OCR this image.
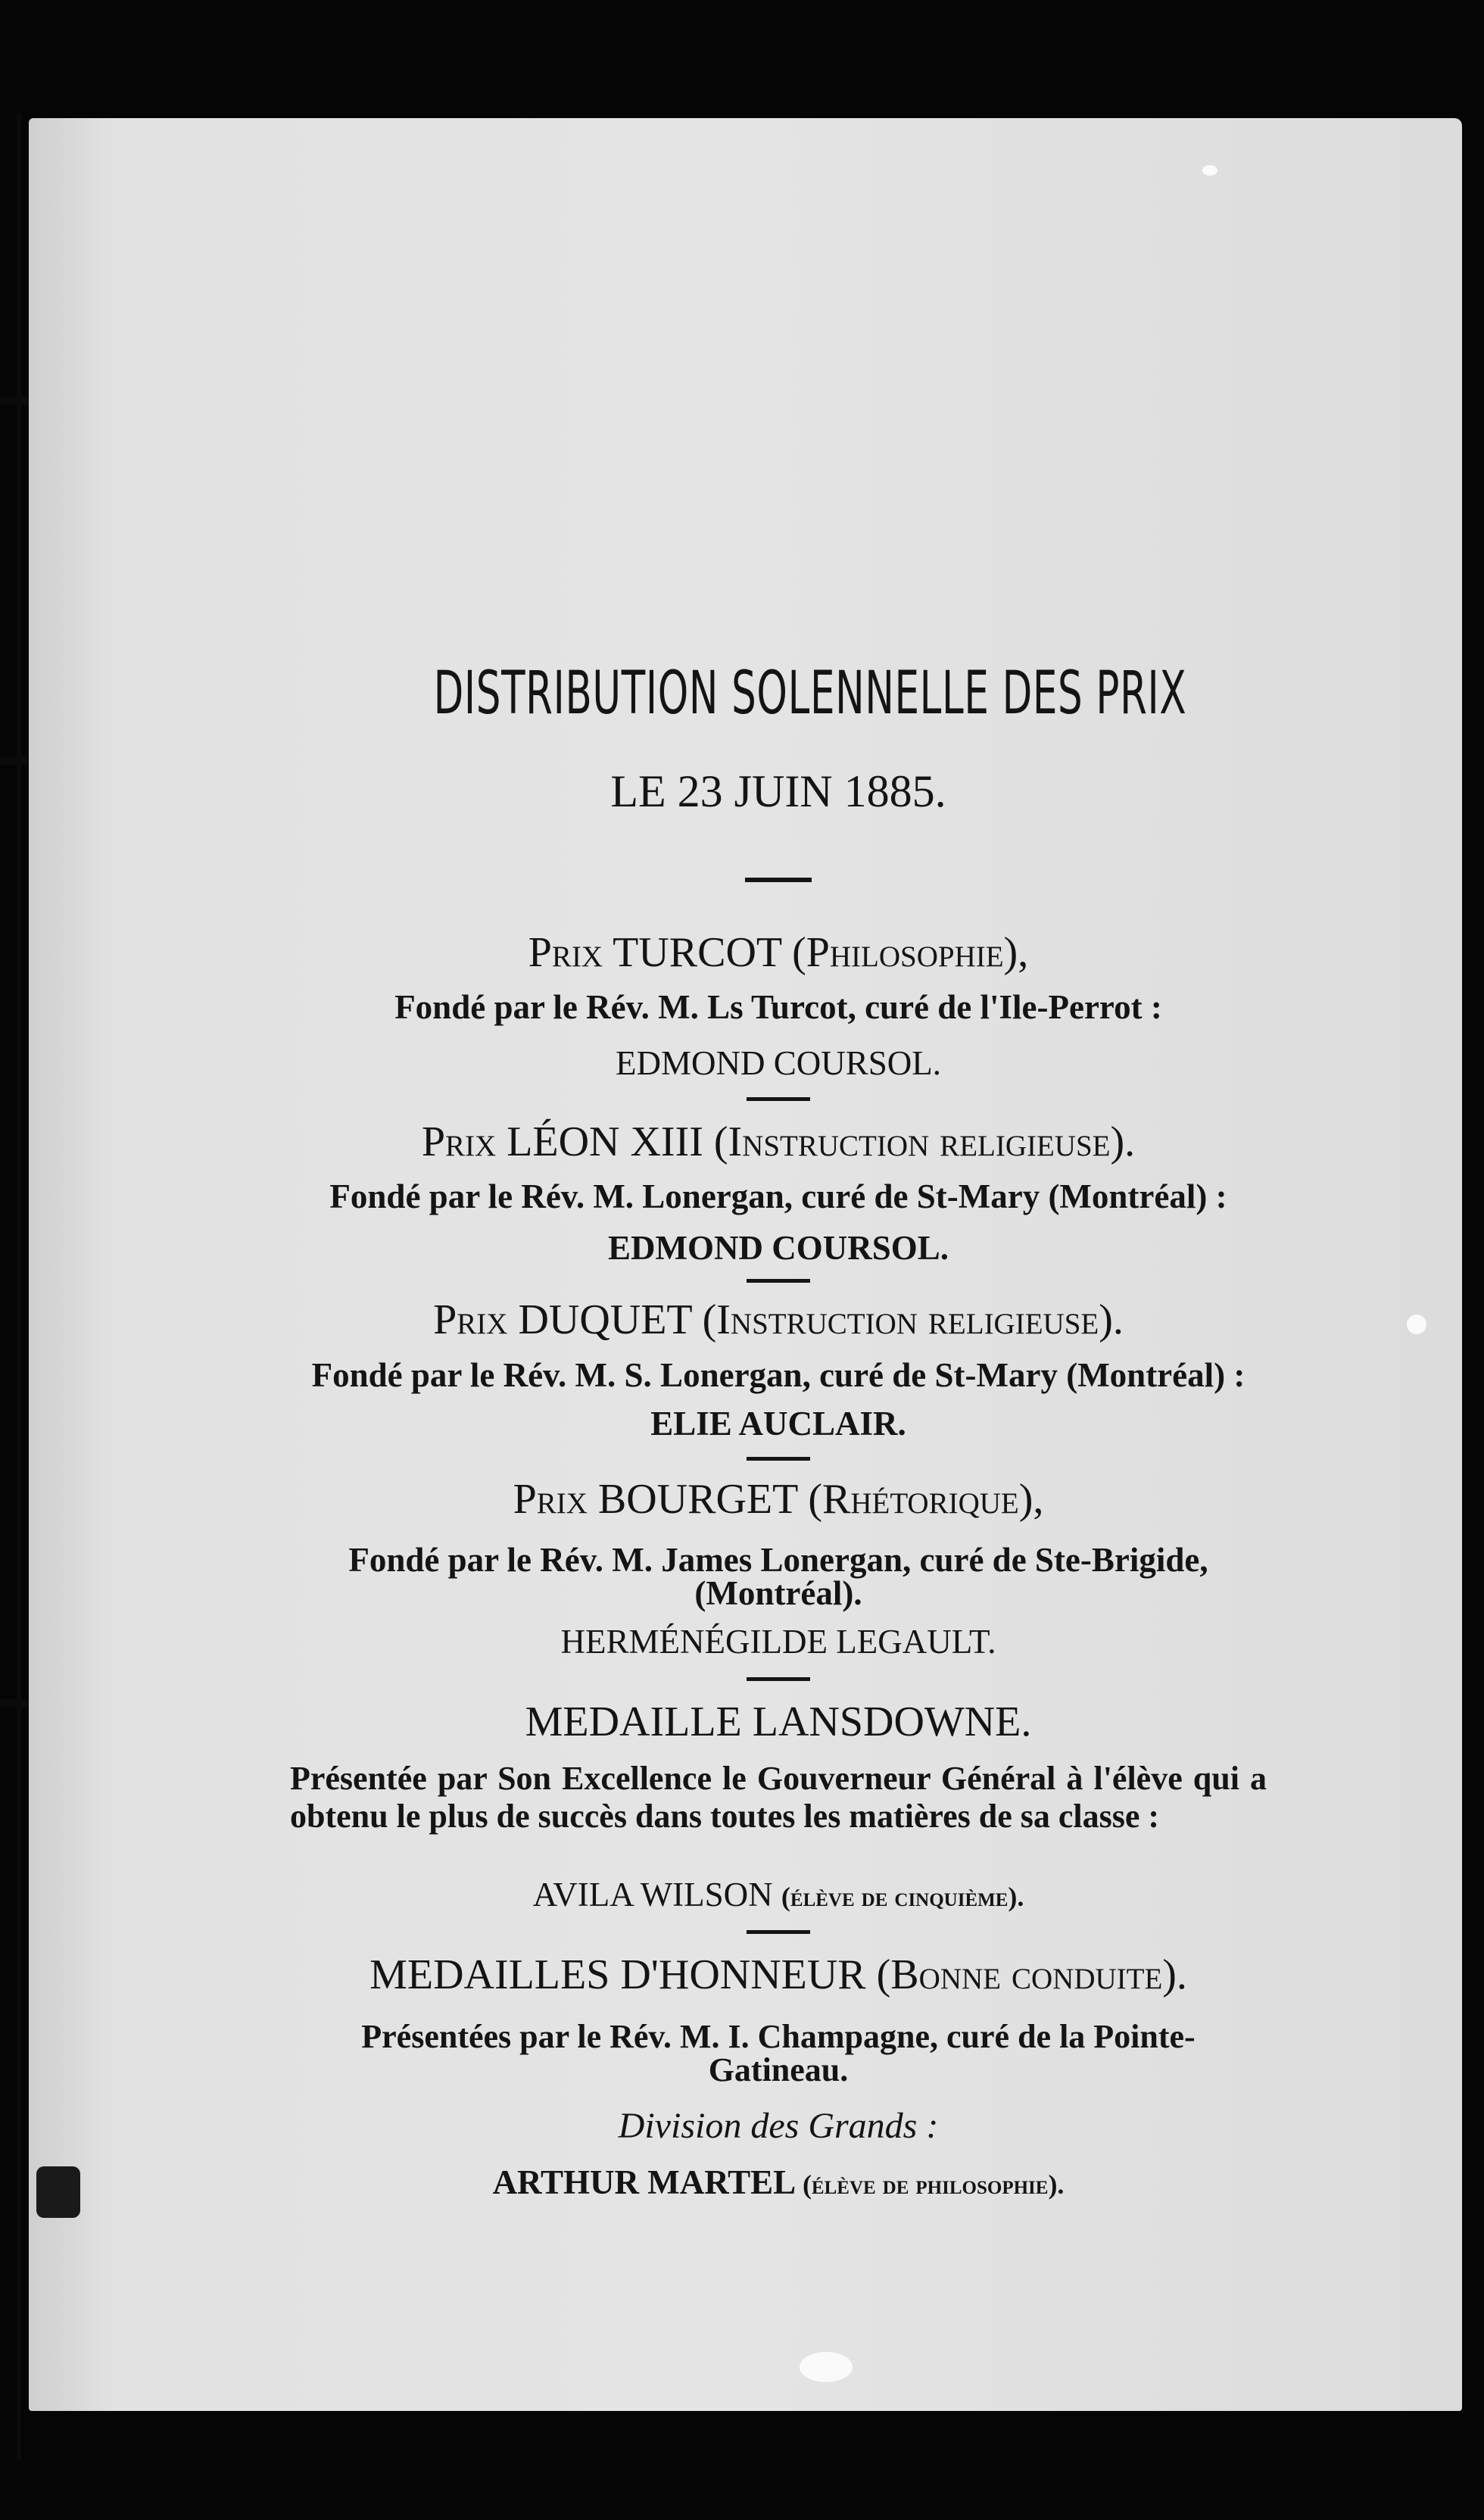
DISTRIBUTION SOLENNELLE DES PRIX
LE 23 JUIN 1885.
Prix TURCOT (Philosophie),
Fondé par le Rév. M. Ls Turcot, curé de l'Ile-Perrot :
EDMOND COURSOL.
Prix LÉON XIII (Instruction religieuse).
Fondé par le Rév. M. Lonergan, curé de St-Mary (Montréal) :
EDMOND COURSOL.
Prix DUQUET (Instruction religieuse).
Fondé par le Rév. M. S. Lonergan, curé de St-Mary (Montréal) :
ELIE AUCLAIR.
Prix BOURGET (Rhétorique),
Fondé par le Rév. M. James Lonergan, curé de Ste-Brigide,
(Montréal).
HERMÉNÉGILDE LEGAULT.
MEDAILLE LANSDOWNE.
Présentée par Son Excellence le Gouverneur Général à l'élève qui a obtenu le plus de succès dans toutes les matières de sa classe :
AVILA WILSON (élève de cinquième).
MEDAILLES D'HONNEUR (Bonne conduite).
Présentées par le Rév. M. I. Champagne, curé de la Pointe-
Gatineau.
Division des Grands :
ARTHUR MARTEL (élève de philosophie).
